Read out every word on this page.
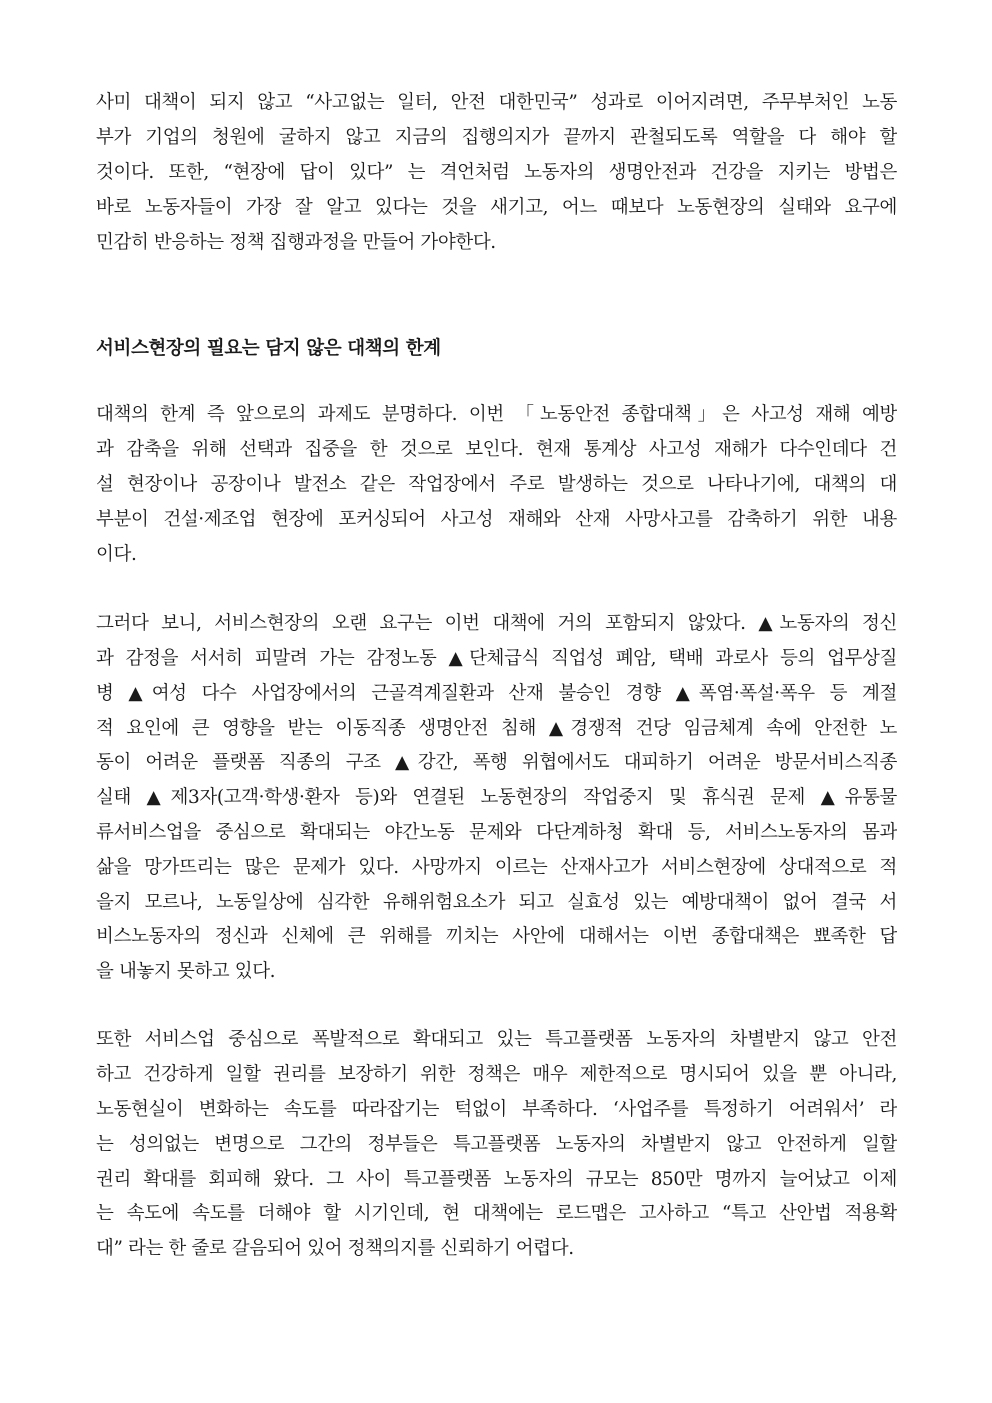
사미 대책이 되지 않고 “사고없는 일터, 안전 대한민국” 성과로 이어지려면, 주무부처인 노동
부가 기업의 청원에 굴하지 않고 지금의 집행의지가 끝까지 관철되도록 역할을 다 해야 할
것이다. 또한, “현장에 답이 있다” 는 격언처럼 노동자의 생명안전과 건강을 지키는 방법은
바로 노동자들이 가장 잘 알고 있다는 것을 새기고, 어느 때보다 노동현장의 실태와 요구에
민감히 반응하는 정책 집행과정을 만들어 가야한다.
서비스현장의 필요는 담지 않은 대책의 한계
대책의 한계 즉 앞으로의 과제도 분명하다. 이번 「노동안전 종합대책」은 사고성 재해 예방
과 감축을 위해 선택과 집중을 한 것으로 보인다. 현재 통계상 사고성 재해가 다수인데다 건
설 현장이나 공장이나 발전소 같은 작업장에서 주로 발생하는 것으로 나타나기에, 대책의 대
부분이 건설·제조업 현장에 포커싱되어 사고성 재해와 산재 사망사고를 감축하기 위한 내용
이다.
그러다 보니, 서비스현장의 오랜 요구는 이번 대책에 거의 포함되지 않았다. ▲노동자의 정신
과 감정을 서서히 피말려 가는 감정노동 ▲단체급식 직업성 폐암, 택배 과로사 등의 업무상질
병 ▲여성 다수 사업장에서의 근골격계질환과 산재 불승인 경향 ▲폭염·폭설·폭우 등 계절
적 요인에 큰 영향을 받는 이동직종 생명안전 침해 ▲경쟁적 건당 임금체계 속에 안전한 노
동이 어려운 플랫폼 직종의 구조 ▲강간, 폭행 위협에서도 대피하기 어려운 방문서비스직종
실태 ▲제3자(고객·학생·환자 등)와 연결된 노동현장의 작업중지 및 휴식권 문제 ▲유통물
류서비스업을 중심으로 확대되는 야간노동 문제와 다단계하청 확대 등, 서비스노동자의 몸과
삶을 망가뜨리는 많은 문제가 있다. 사망까지 이르는 산재사고가 서비스현장에 상대적으로 적
을지 모르나, 노동일상에 심각한 유해위험요소가 되고 실효성 있는 예방대책이 없어 결국 서
비스노동자의 정신과 신체에 큰 위해를 끼치는 사안에 대해서는 이번 종합대책은 뾰족한 답
을 내놓지 못하고 있다.
또한 서비스업 중심으로 폭발적으로 확대되고 있는 특고플랫폼 노동자의 차별받지 않고 안전
하고 건강하게 일할 권리를 보장하기 위한 정책은 매우 제한적으로 명시되어 있을 뿐 아니라,
노동현실이 변화하는 속도를 따라잡기는 턱없이 부족하다. ‘사업주를 특정하기 어려워서’ 라
는 성의없는 변명으로 그간의 정부들은 특고플랫폼 노동자의 차별받지 않고 안전하게 일할
권리 확대를 회피해 왔다. 그 사이 특고플랫폼 노동자의 규모는 850만 명까지 늘어났고 이제
는 속도에 속도를 더해야 할 시기인데, 현 대책에는 로드맵은 고사하고 “특고 산안법 적용확
대” 라는 한 줄로 갈음되어 있어 정책의지를 신뢰하기 어렵다.
